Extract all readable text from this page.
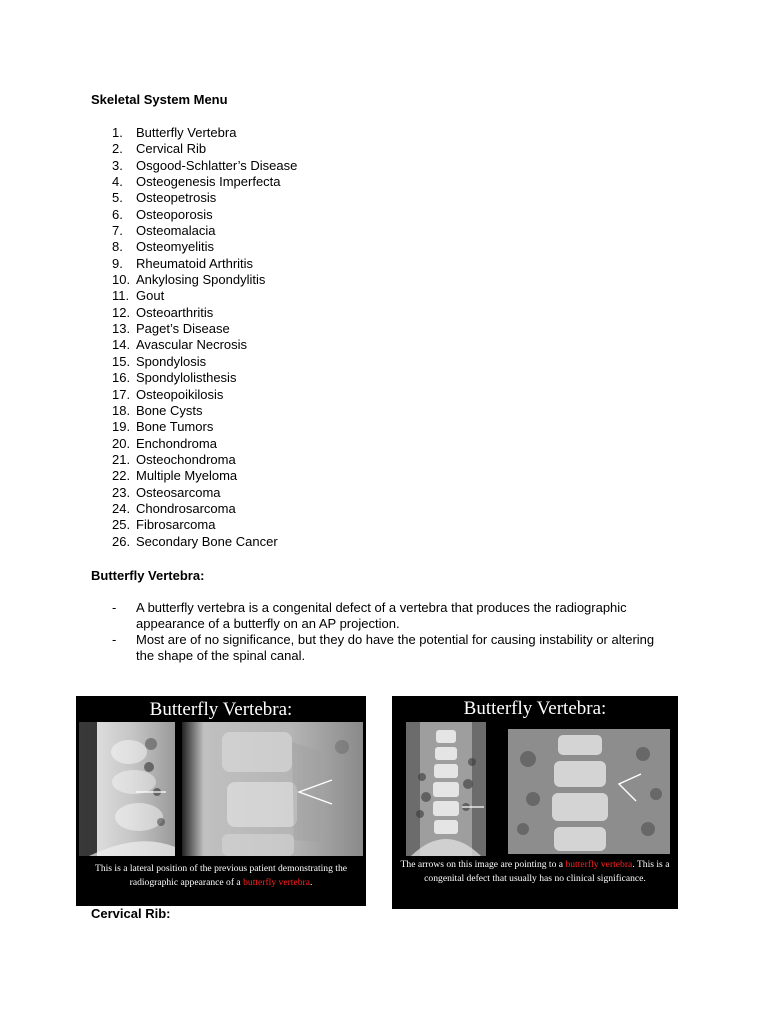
Skeletal System Menu
1.	Butterfly Vertebra
2.	Cervical Rib
3.	Osgood-Schlatter’s Disease
4.	Osteogenesis Imperfecta
5.	Osteopetrosis
6.	Osteoporosis
7.	Osteomalacia
8.	Osteomyelitis
9.	Rheumatoid Arthritis
10. Ankylosing Spondylitis
11. Gout
12. Osteoarthritis
13. Paget’s Disease
14. Avascular Necrosis
15. Spondylosis
16. Spondylolisthesis
17. Osteopoikilosis
18. Bone Cysts
19. Bone Tumors
20. Enchondroma
21. Osteochondroma
22. Multiple Myeloma
23. Osteosarcoma
24. Chondrosarcoma
25. Fibrosarcoma
26. Secondary Bone Cancer
Butterfly Vertebra:
-	A butterfly vertebra is a congenital defect of a vertebra that produces the radiographic appearance of a butterfly on an AP projection.
-	Most are of no significance, but they do have the potential for causing instability or altering the shape of the spinal canal.
Butterfly Vertebra:
This is a lateral position of the previous patient demonstrating the radiographic appearance of a butterfly vertebra.
Butterfly Vertebra:
The arrows on this image are pointing to a butterfly vertebra. This is a congenital defect that usually has no clinical significance.
Cervical Rib:
